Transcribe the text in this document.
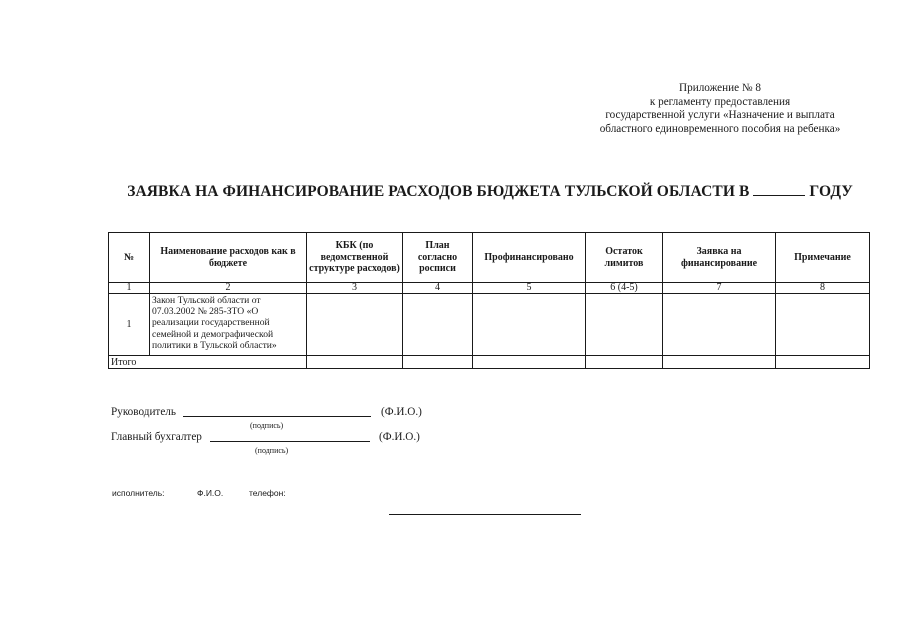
Приложение № 8
к регламенту предоставления
государственной услуги «Назначение и выплата
областного единовременного пособия на ребенка»
ЗАЯВКА НА ФИНАНСИРОВАНИЕ РАСХОДОВ БЮДЖЕТА ТУЛЬСКОЙ ОБЛАСТИ В	ГОДУ
№	Наименование расходов как в бюджете	КБК (по ведомственной структуре расходов)	План согласно росписи	Профинансировано	Остаток лимитов	Заявка на финансирование	Примечание
1	2	3	4	5	6 (4-5)	7	8
1	Закон Тульской области от 07.03.2002 № 285-ЗТО «О реализации государственной семейной и демографической политики в Тульской области»						
Итого							
Руководитель	(Ф.И.О.)
(подпись)
Главный бухгалтер	(Ф.И.О.)
(подпись)
исполнитель:	Ф.И.О.	телефон:
